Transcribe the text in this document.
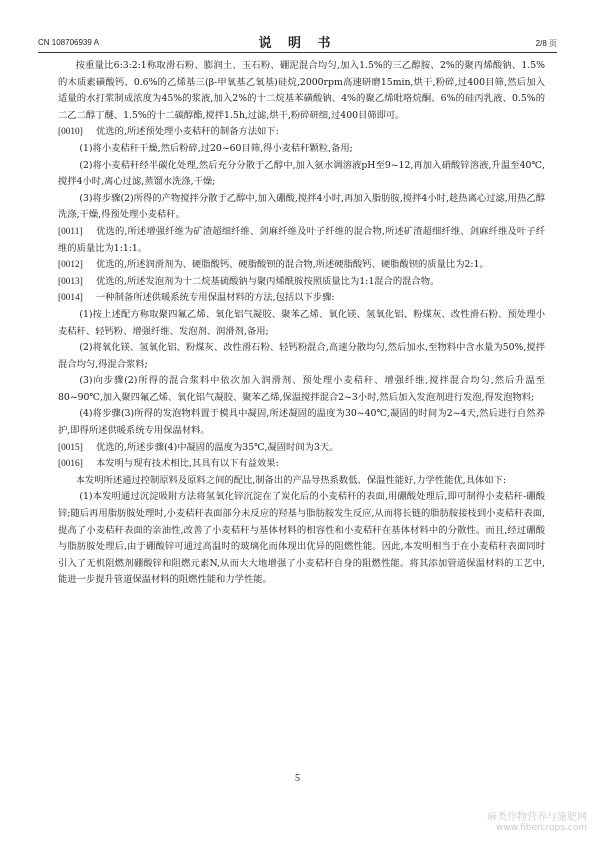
CN 108706939 A	说 明 书	2/8 页

按重量比6:3:2:1称取滑石粉、膨润土、玉石粉、硼泥混合均匀,加入1.5%的三乙醇胺、2%的聚丙烯酸钠、1.5%的木质素磺酸钙、0.6%的乙烯基三(β-甲氧基乙氧基)硅烷,2000rpm高速研磨15min,烘干,粉碎,过400目筛,然后加入适量的水打浆制成浓度为45%的浆液,加入2%的十二烷基苯磺酸钠、4%的聚乙烯吡咯烷酮、6%的硅丙乳液、0.5%的二乙二醇丁醚、1.5%的十二碳醇酯,搅拌1.5h,过滤,烘干,粉碎研细,过400目筛即可。

[0010] 优选的,所述预处理小麦秸秆的制备方法如下:

(1)将小麦秸秆干燥,然后粉碎,过20~60目筛,得小麦秸秆颗粒,备用;

(2)将小麦秸秆经半碳化处理,然后充分分散于乙醇中,加入氨水调溶液pH至9~12,再加入硝酸锌溶液,升温至40℃,搅拌4小时,离心过滤,蒸馏水洗涤,干燥;

(3)将步骤(2)所得的产物搅拌分散于乙醇中,加入硼酸,搅拌4小时,再加入脂肪胺,搅拌4小时,趁热离心过滤,用热乙醇洗涤,干燥,得预处理小麦秸秆。

[0011] 优选的,所述增强纤维为矿渣超细纤维、剑麻纤维及叶子纤维的混合物,所述矿渣超细纤维、剑麻纤维及叶子纤维的质量比为1:1:1。

[0012] 优选的,所述润滑剂为、硬脂酸钙、硬脂酸钡的混合物,所述硬脂酸钙、硬脂酸钡的质量比为2:1。

[0013] 优选的,所述发泡剂为十二烷基硫酸钠与聚丙烯酰胺按照质量比为1:1混合的混合物。

[0014] 一种制备所述供暖系统专用保温材料的方法,包括以下步骤:

(1)按上述配方称取聚四氟乙烯、氧化铝气凝胶、聚苯乙烯、氧化镁、氢氧化铝、粉煤灰、改性滑石粉、预处理小麦秸秆、轻钙粉、增强纤维、发泡剂、润滑剂,备用;

(2)将氧化镁、氢氧化铝、粉煤灰、改性滑石粉、轻钙粉混合,高速分散均匀,然后加水,至物料中含水量为50%,搅拌混合均匀,得混合浆料;

(3)向步骤(2)所得的混合浆料中依次加入润滑剂、预处理小麦秸秆、增强纤维,搅拌混合均匀,然后升温至80~90℃,加入聚四氟乙烯、氧化铝气凝胶、聚苯乙烯,保温搅拌混合2~3小时,然后加入发泡剂进行发泡,得发泡物料;

(4)将步骤(3)所得的发泡物料置于模具中凝固,所述凝固的温度为30~40℃,凝固的时间为2~4天,然后进行自然养护,即得所述供暖系统专用保温材料。

[0015] 优选的,所述步骤(4)中凝固的温度为35℃,凝固时间为3天。

[0016] 本发明与现有技术相比,其具有以下有益效果:

本发明所述通过控制原料及原料之间的配比,制备出的产品导热系数低、保温性能好,力学性能优,具体如下:

(1)本发明通过沉淀吸附方法将氢氧化锌沉淀在了炭化后的小麦秸秆的表面,用硼酸处理后,即可制得小麦秸秆-硼酸锌;随后再用脂肪胺处理时,小麦秸秆表面部分未反应的羟基与脂肪胺发生反应,从而将长链的脂肪胺接枝到小麦秸秆表面,提高了小麦秸秆表面的亲油性,改善了小麦秸秆与基体材料的相容性和小麦秸秆在基体材料中的分散性。而且,经过硼酸与脂肪胺处理后,由于硼酸锌可通过高温时的玻璃化而体现出优异的阻燃性能。因此,本发明相当于在小麦秸秆表面同时引入了无机阻燃剂硼酸锌和阻燃元素N,从而大大地增强了小麦秸秆自身的阻燃性能。将其添加管道保温材料的工艺中,能进一步提升管道保温材料的阻燃性能和力学性能。

5
麻类作物营养与施肥网
www.fibercrops.com
